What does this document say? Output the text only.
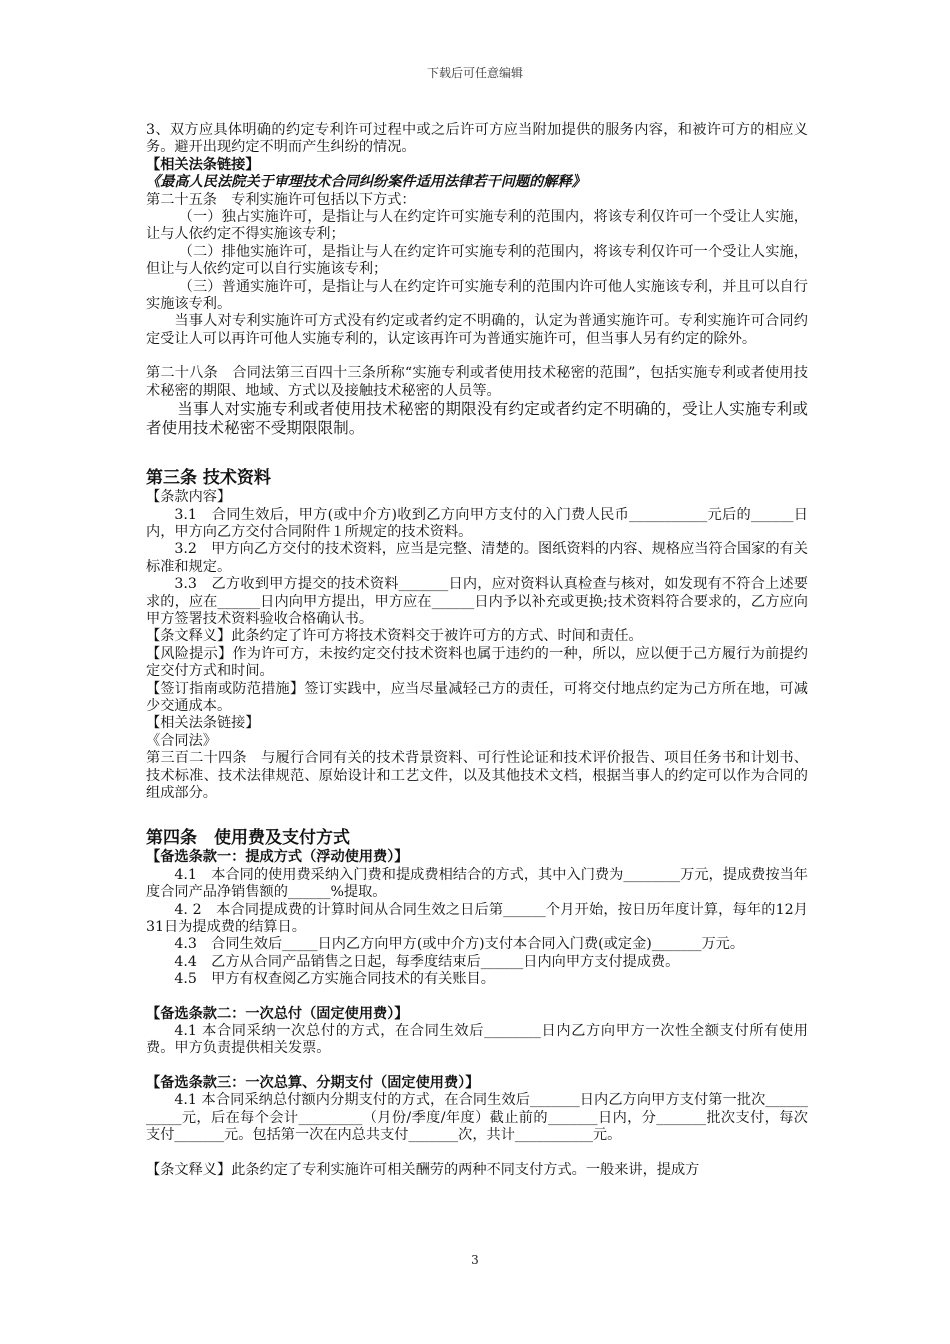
下载后可任意编辑

3、双方应具体明确的约定专利许可过程中或之后许可方应当附加提供的服务内容，和被许可方的相应义务。避开出现约定不明而产生纠纷的情况。

【相关法条链接】

《最高人民法院关于审理技术合同纠纷案件适用法律若干问题的解释》

第二十五条　专利实施许可包括以下方式：

（一）独占实施许可，是指让与人在约定许可实施专利的范围内，将该专利仅许可一个受让人实施，让与人依约定不得实施该专利；

（二）排他实施许可，是指让与人在约定许可实施专利的范围内，将该专利仅许可一个受让人实施，但让与人依约定可以自行实施该专利；

（三）普通实施许可，是指让与人在约定许可实施专利的范围内许可他人实施该专利，并且可以自行实施该专利。

当事人对专利实施许可方式没有约定或者约定不明确的，认定为普通实施许可。专利实施许可合同约定受让人可以再许可他人实施专利的，认定该再许可为普通实施许可，但当事人另有约定的除外。

第二十八条　合同法第三百四十三条所称“实施专利或者使用技术秘密的范围”，包括实施专利或者使用技术秘密的期限、地域、方式以及接触技术秘密的人员等。

当事人对实施专利或者使用技术秘密的期限没有约定或者约定不明确的，受让人实施专利或者使用技术秘密不受期限限制。

第三条 技术资料

【条款内容】

3.1　合同生效后，甲方(或中介方)收到乙方向甲方支付的入门费人民币___________元后的______日内，甲方向乙方交付合同附件１所规定的技术资料。

3.2　甲方向乙方交付的技术资料，应当是完整、清楚的。图纸资料的内容、规格应当符合国家的有关标准和规定。

3.3　乙方收到甲方提交的技术资料_______日内，应对资料认真检查与核对，如发现有不符合上述要求的，应在______日内向甲方提出，甲方应在______日内予以补充或更换;技术资料符合要求的，乙方应向甲方签署技术资料验收合格确认书。

【条文释义】此条约定了许可方将技术资料交于被许可方的方式、时间和责任。

【风险提示】作为许可方，未按约定交付技术资料也属于违约的一种，所以，应以便于己方履行为前提约定交付方式和时间。

【签订指南或防范措施】签订实践中，应当尽量减轻己方的责任，可将交付地点约定为己方所在地，可减少交通成本。

【相关法条链接】

《合同法》

第三百二十四条　与履行合同有关的技术背景资料、可行性论证和技术评价报告、项目任务书和计划书、技术标准、技术法律规范、原始设计和工艺文件，以及其他技术文档，根据当事人的约定可以作为合同的组成部分。

第四条　使用费及支付方式

【备选条款一：提成方式（浮动使用费）】

4.1　本合同的使用费采纳入门费和提成费相结合的方式，其中入门费为________万元，提成费按当年度合同产品净销售额的______%提取。

4. 2　本合同提成费的计算时间从合同生效之日后第______个月开始，按日历年度计算，每年的12月31日为提成费的结算日。

4.3　合同生效后_____日内乙方向甲方(或中介方)支付本合同入门费(或定金)_______万元。

4.4　乙方从合同产品销售之日起，每季度结束后______日内向甲方支付提成费。

4.5　甲方有权查阅乙方实施合同技术的有关账目。

【备选条款二：一次总付（固定使用费）】

4.1 本合同采纳一次总付的方式，在合同生效后________日内乙方向甲方一次性全额支付所有使用费。甲方负责提供相关发票。

【备选条款三：一次总算、分期支付（固定使用费）】

4.1 本合同采纳总付额内分期支付的方式，在合同生效后_______日内乙方向甲方支付第一批次___________元，后在每个会计_________（月份/季度/年度）截止前的_______日内，分_______批次支付，每次支付_______元。包括第一次在内总共支付_______次，共计___________元。

【条文释义】此条约定了专利实施许可相关酬劳的两种不同支付方式。一般来讲，提成方

3
